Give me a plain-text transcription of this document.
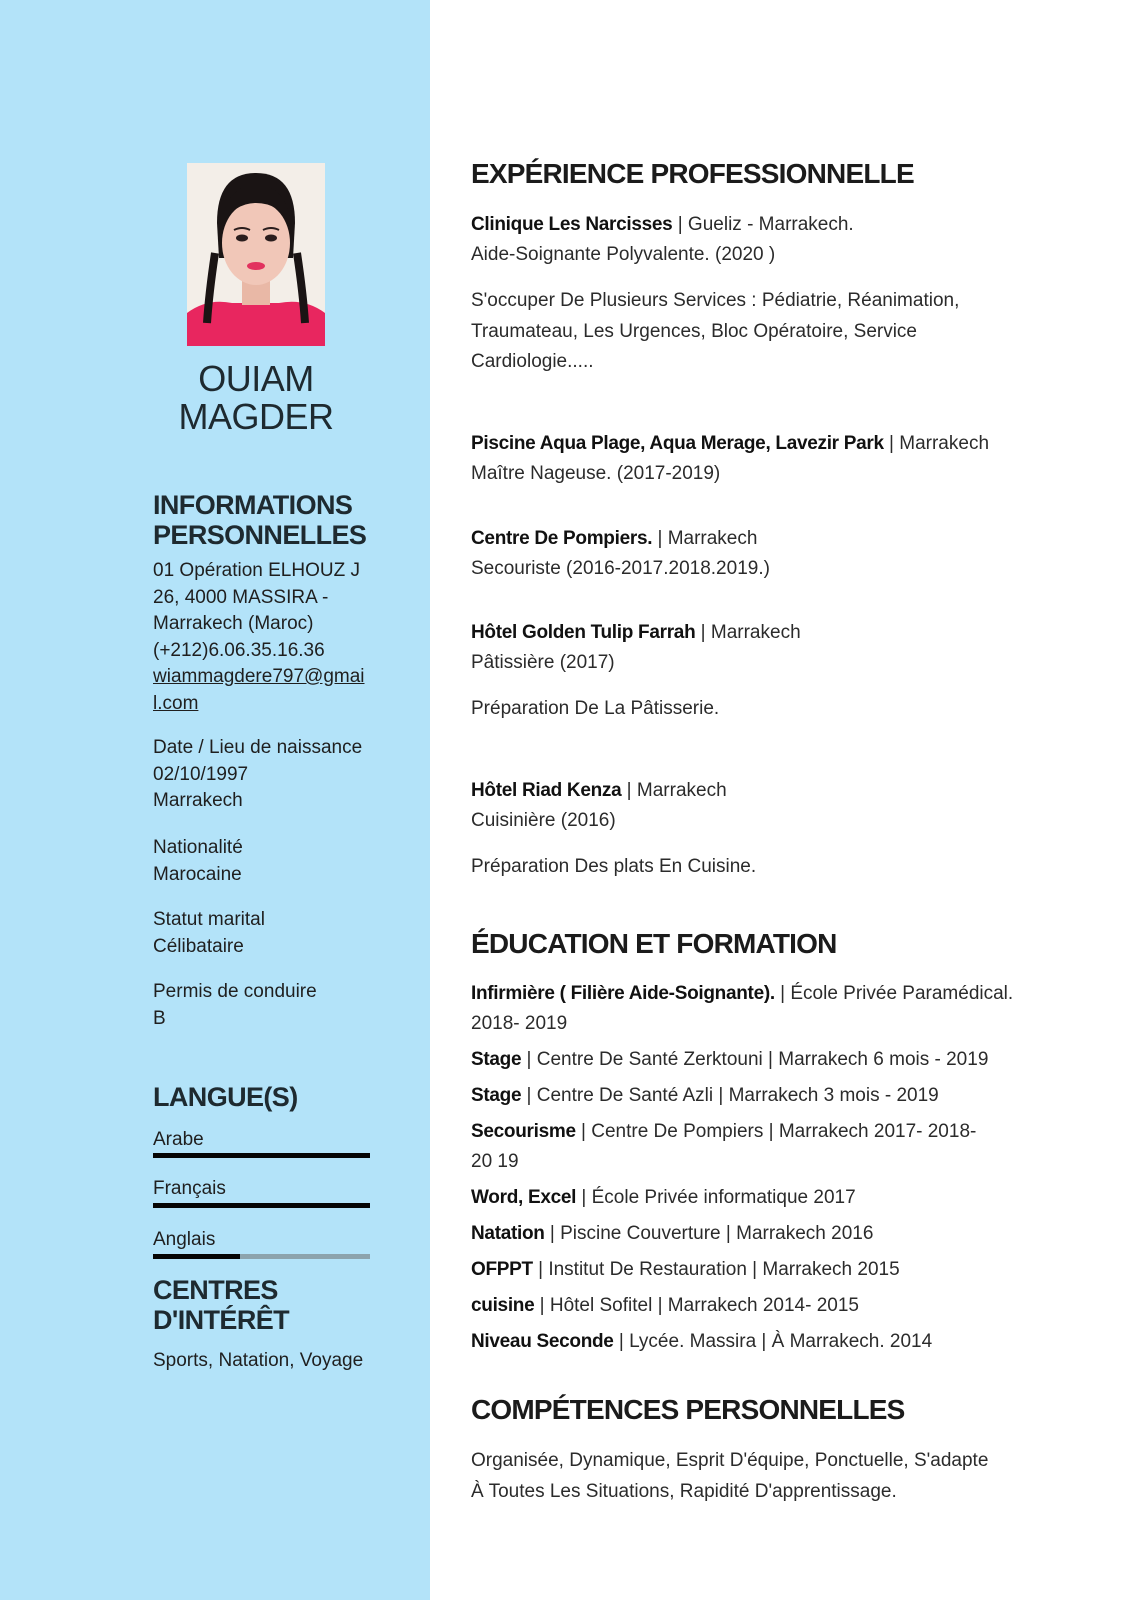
OUIAM
MAGDER
INFORMATIONS
PERSONNELLES
01 Opération ELHOUZ J
26, 4000 MASSIRA -
Marrakech (Maroc)
(+212)6.06.35.16.36
wiammagdere797@gmai
l.com
Date / Lieu de naissance
02/10/1997
Marrakech
Nationalité
Marocaine
Statut marital
Célibataire
Permis de conduire
B
LANGUE(S)
Arabe
Français
Anglais
CENTRES
D'INTÉRÊT
Sports, Natation, Voyage
EXPÉRIENCE PROFESSIONNELLE
Clinique Les Narcisses | Gueliz - Marrakech.
Aide-Soignante Polyvalente. (2020 )
S'occuper De Plusieurs Services : Pédiatrie, Réanimation, Traumateau, Les Urgences, Bloc Opératoire, Service Cardiologie.....
Piscine Aqua Plage, Aqua Merage, Lavezir Park | Marrakech
Maître Nageuse. (2017-2019)
Centre De Pompiers. | Marrakech
Secouriste (2016-2017.2018.2019.)
Hôtel Golden Tulip Farrah | Marrakech
Pâtissière (2017)
Préparation De La Pâtisserie.
Hôtel Riad Kenza | Marrakech
Cuisinière (2016)
Préparation Des plats En Cuisine.
ÉDUCATION ET FORMATION
Infirmière ( Filière Aide-Soignante). | École Privée Paramédical.
2018- 2019
Stage | Centre De Santé Zerktouni | Marrakech 6 mois - 2019
Stage | Centre De Santé Azli | Marrakech 3 mois - 2019
Secourisme | Centre De Pompiers | Marrakech 2017- 2018-
20 19
Word, Excel | École Privée informatique 2017
Natation | Piscine Couverture | Marrakech 2016
OFPPT | Institut De Restauration | Marrakech 2015
cuisine | Hôtel Sofitel | Marrakech 2014- 2015
Niveau Seconde | Lycée. Massira | À Marrakech. 2014
COMPÉTENCES PERSONNELLES
Organisée, Dynamique, Esprit D'équipe, Ponctuelle, S'adapte À Toutes Les Situations, Rapidité D'apprentissage.
